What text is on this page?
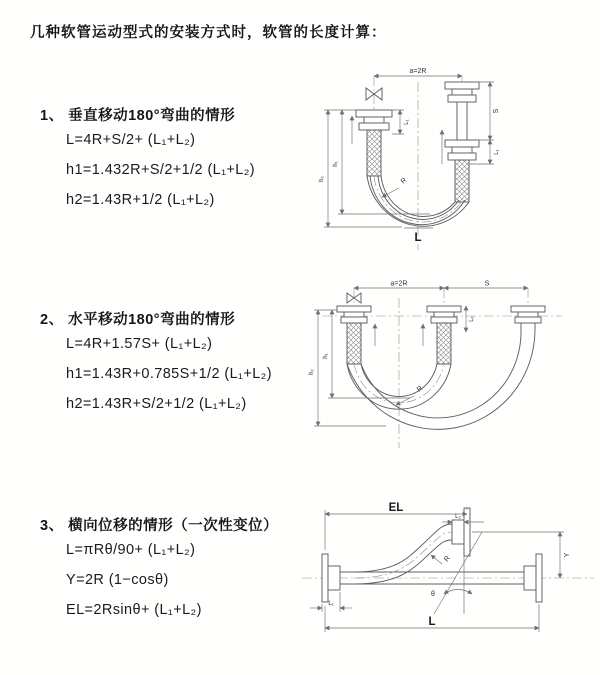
几种软管运动型式的安装方式时，软管的长度计算：
1、 垂直移动180°弯曲的情形
L=4R+S/2+ (L₁+L₂)
h1=1.432R+S/2+1/2 (L₁+L₂)
h2=1.43R+1/2 (L₁+L₂)
a=2R
h₁
h₂
L₁
S
L₁
R
L
2、 水平移动180°弯曲的情形
L=4R+1.57S+ (L₁+L₂)
h1=1.43R+0.785S+1/2 (L₁+L₂)
h2=1.43R+S/2+1/2 (L₁+L₂)
a=2R	S
L₁
h₁
h₂
R
3、 横向位移的情形（一次性变位）
L=πRθ/90+ (L₁+L₂)
Y=2R (1−cosθ)
EL=2Rsinθ+ (L₁+L₂)
EL
L₂
Y
θ
R
L₁
L
